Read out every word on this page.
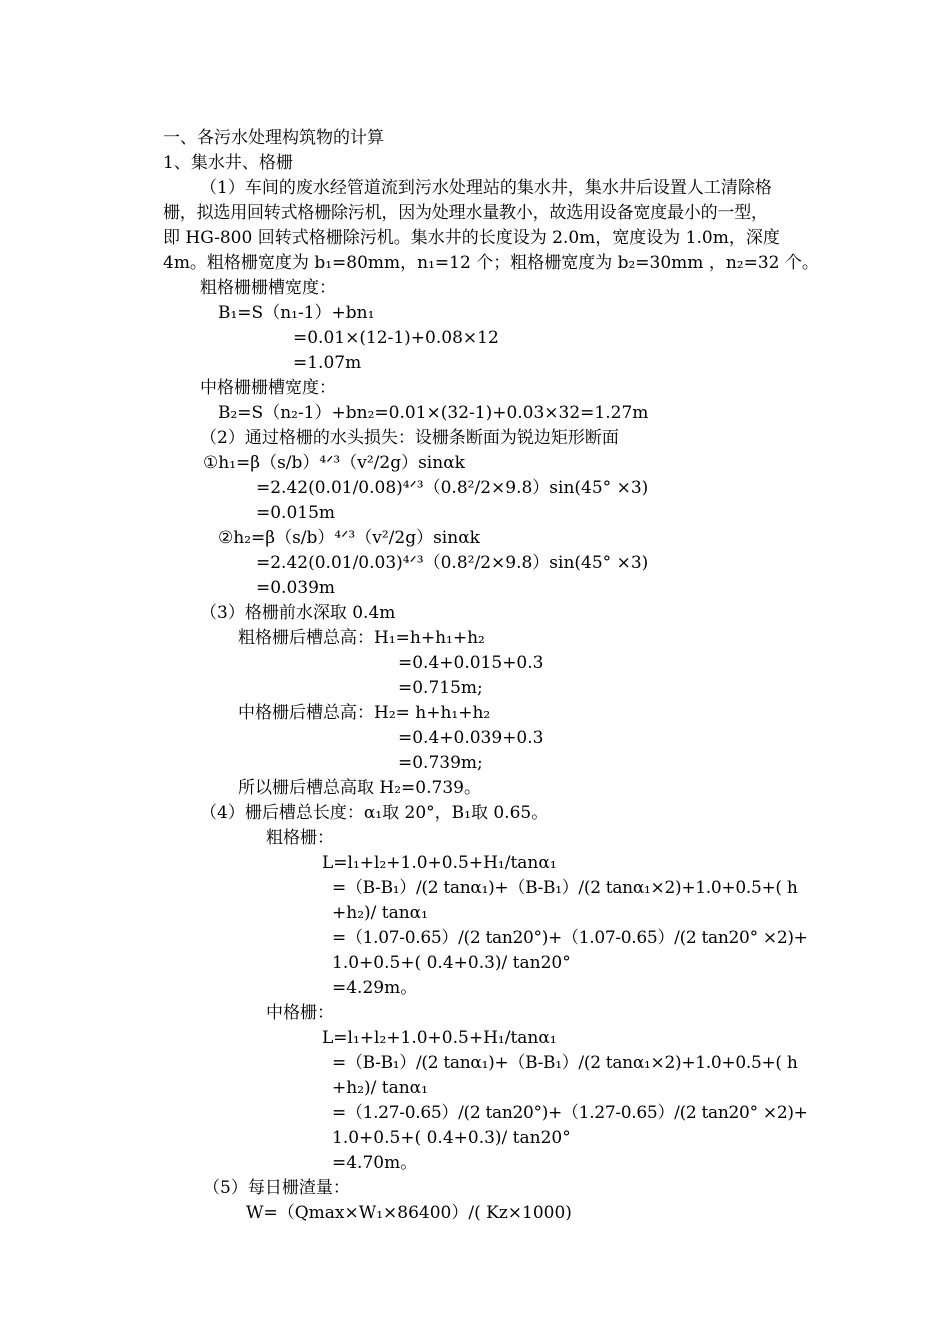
一、各污水处理构筑物的计算
1、集水井、格栅
（1）车间的废水经管道流到污水处理站的集水井，集水井后设置人工清除格
栅，拟选用回转式格栅除污机，因为处理水量教小，故选用设备宽度最小的一型，
即 HG-800 回转式格栅除污机。集水井的长度设为 2.0m，宽度设为 1.0m，深度
4m。粗格栅宽度为 b₁=80mm，n₁=12 个；粗格栅宽度为 b₂=30mm ，n₂=32 个。
粗格栅栅槽宽度：
B₁=S（n₁-1）+bn₁
=0.01×(12-1)+0.08×12
=1.07m
中格栅栅槽宽度：
B₂=S（n₂-1）+bn₂=0.01×(32-1)+0.03×32=1.27m
（2）通过格栅的水头损失：设栅条断面为锐边矩形断面
①h₁=β（s/b）⁴ᐟ³（v²/2g）sinαk
=2.42(0.01/0.08)⁴ᐟ³（0.8²/2×9.8）sin(45° ×3)
=0.015m
②h₂=β（s/b）⁴ᐟ³（v²/2g）sinαk
=2.42(0.01/0.03)⁴ᐟ³（0.8²/2×9.8）sin(45° ×3)
=0.039m
（3）格栅前水深取 0.4m
粗格栅后槽总高：H₁=h+h₁+h₂
=0.4+0.015+0.3
=0.715m;
中格栅后槽总高：H₂= h+h₁+h₂
=0.4+0.039+0.3
=0.739m;
所以栅后槽总高取 H₂=0.739。
（4）栅后槽总长度：α₁取 20°，B₁取 0.65。
粗格栅：
L=l₁+l₂+1.0+0.5+H₁/tanα₁
=（B-B₁）/(2 tanα₁)+（B-B₁）/(2 tanα₁×2)+1.0+0.5+( h
+h₂)/ tanα₁
=（1.07-0.65）/(2 tan20°)+（1.07-0.65）/(2 tan20° ×2)+
1.0+0.5+( 0.4+0.3)/ tan20°
=4.29m。
中格栅：
L=l₁+l₂+1.0+0.5+H₁/tanα₁
=（B-B₁）/(2 tanα₁)+（B-B₁）/(2 tanα₁×2)+1.0+0.5+( h
+h₂)/ tanα₁
=（1.27-0.65）/(2 tan20°)+（1.27-0.65）/(2 tan20° ×2)+
1.0+0.5+( 0.4+0.3)/ tan20°
=4.70m。
（5）每日栅渣量：
W=（Qmax×W₁×86400）/( Kz×1000)
